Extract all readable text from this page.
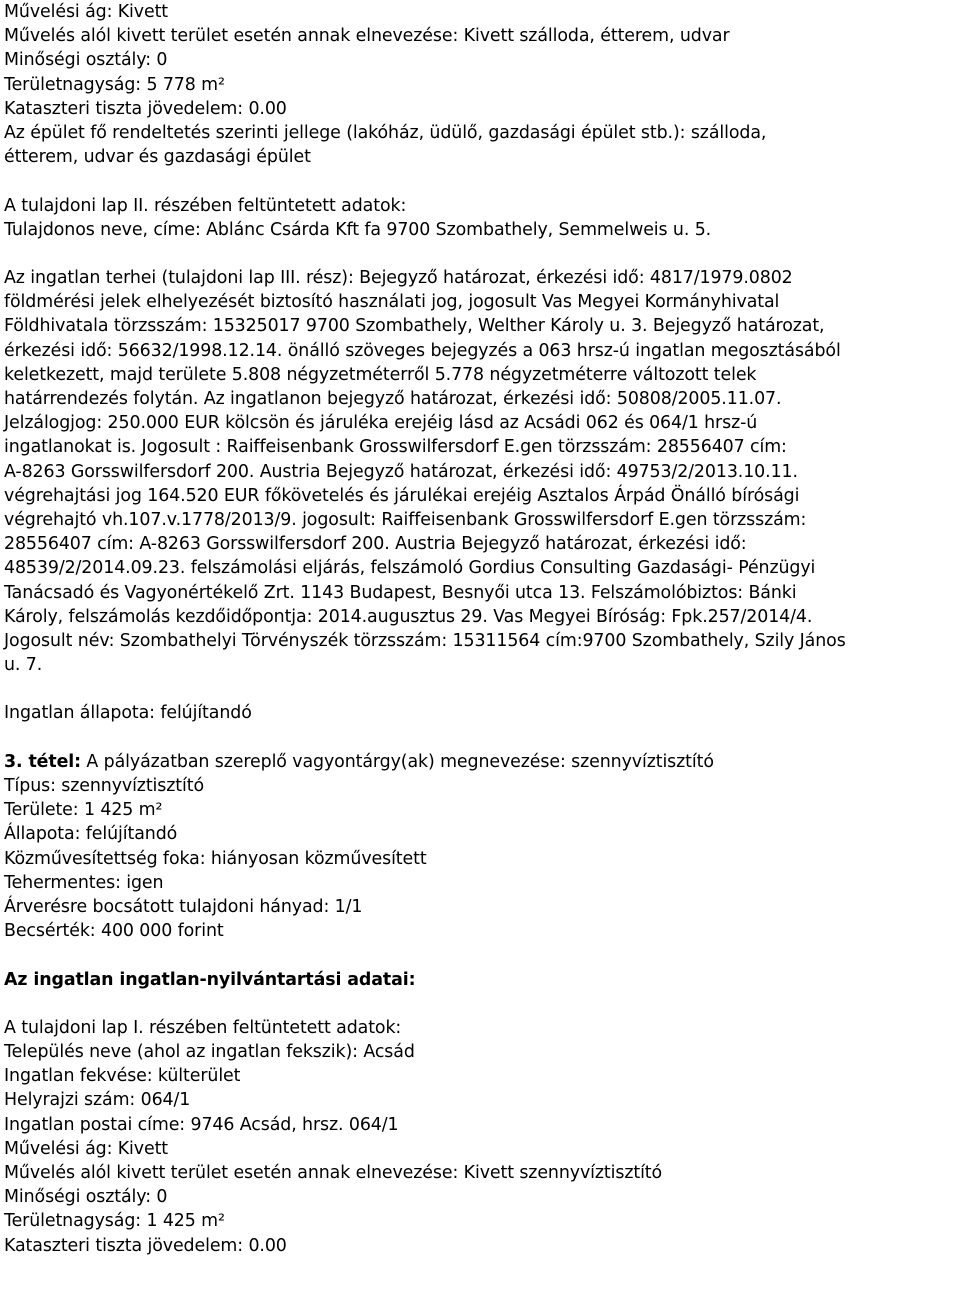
Művelési ág: Kivett
Művelés alól kivett terület esetén annak elnevezése: Kivett szálloda, étterem, udvar
Minőségi osztály: 0
Területnagyság: 5 778 m²
Kataszteri tiszta jövedelem: 0.00
Az épület fő rendeltetés szerinti jellege (lakóház, üdülő, gazdasági épület stb.): szálloda,
étterem, udvar és gazdasági épület
A tulajdoni lap II. részében feltüntetett adatok:
Tulajdonos neve, címe: Ablánc Csárda Kft fa 9700 Szombathely, Semmelweis u. 5.
Az ingatlan terhei (tulajdoni lap III. rész): Bejegyző határozat, érkezési idő: 4817/1979.0802
földmérési jelek elhelyezését biztosító használati jog, jogosult Vas Megyei Kormányhivatal
Földhivatala törzsszám: 15325017 9700 Szombathely, Welther Károly u. 3. Bejegyző határozat,
érkezési idő: 56632/1998.12.14. önálló szöveges bejegyzés a 063 hrsz-ú ingatlan megosztásából
keletkezett, majd területe 5.808 négyzetméterről 5.778 négyzetméterre változott telek
határrendezés folytán. Az ingatlanon bejegyző határozat, érkezési idő: 50808/2005.11.07.
Jelzálogjog: 250.000 EUR kölcsön és járuléka erejéig lásd az Acsádi 062 és 064/1 hrsz-ú
ingatlanokat is. Jogosult : Raiffeisenbank Grosswilfersdorf E.gen törzsszám: 28556407 cím:
A-8263 Gorsswilfersdorf 200. Austria Bejegyző határozat, érkezési idő: 49753/2/2013.10.11.
végrehajtási jog 164.520 EUR főkövetelés és járulékai erejéig Asztalos Árpád Önálló bírósági
végrehajtó vh.107.v.1778/2013/9. jogosult: Raiffeisenbank Grosswilfersdorf E.gen törzsszám:
28556407 cím: A-8263 Gorsswilfersdorf 200. Austria Bejegyző határozat, érkezési idő:
48539/2/2014.09.23. felszámolási eljárás, felszámoló Gordius Consulting Gazdasági- Pénzügyi
Tanácsadó és Vagyonértékelő Zrt. 1143 Budapest, Besnyői utca 13. Felszámolóbiztos: Bánki
Károly, felszámolás kezdőidőpontja: 2014.augusztus 29. Vas Megyei Bíróság: Fpk.257/2014/4.
Jogosult név: Szombathelyi Törvényszék törzsszám: 15311564 cím:9700 Szombathely, Szily János
u. 7.
Ingatlan állapota: felújítandó
3. tétel: A pályázatban szereplő vagyontárgy(ak) megnevezése: szennyvíztisztító
Típus: szennyvíztisztító
Területe: 1 425 m²
Állapota: felújítandó
Közművesítettség foka: hiányosan közművesített
Tehermentes: igen
Árverésre bocsátott tulajdoni hányad: 1/1
Becsérték: 400 000 forint
Az ingatlan ingatlan-nyilvántartási adatai:
A tulajdoni lap I. részében feltüntetett adatok:
Település neve (ahol az ingatlan fekszik): Acsád
Ingatlan fekvése: külterület
Helyrajzi szám: 064/1
Ingatlan postai címe: 9746 Acsád, hrsz. 064/1
Művelési ág: Kivett
Művelés alól kivett terület esetén annak elnevezése: Kivett szennyvíztisztító
Minőségi osztály: 0
Területnagyság: 1 425 m²
Kataszteri tiszta jövedelem: 0.00
